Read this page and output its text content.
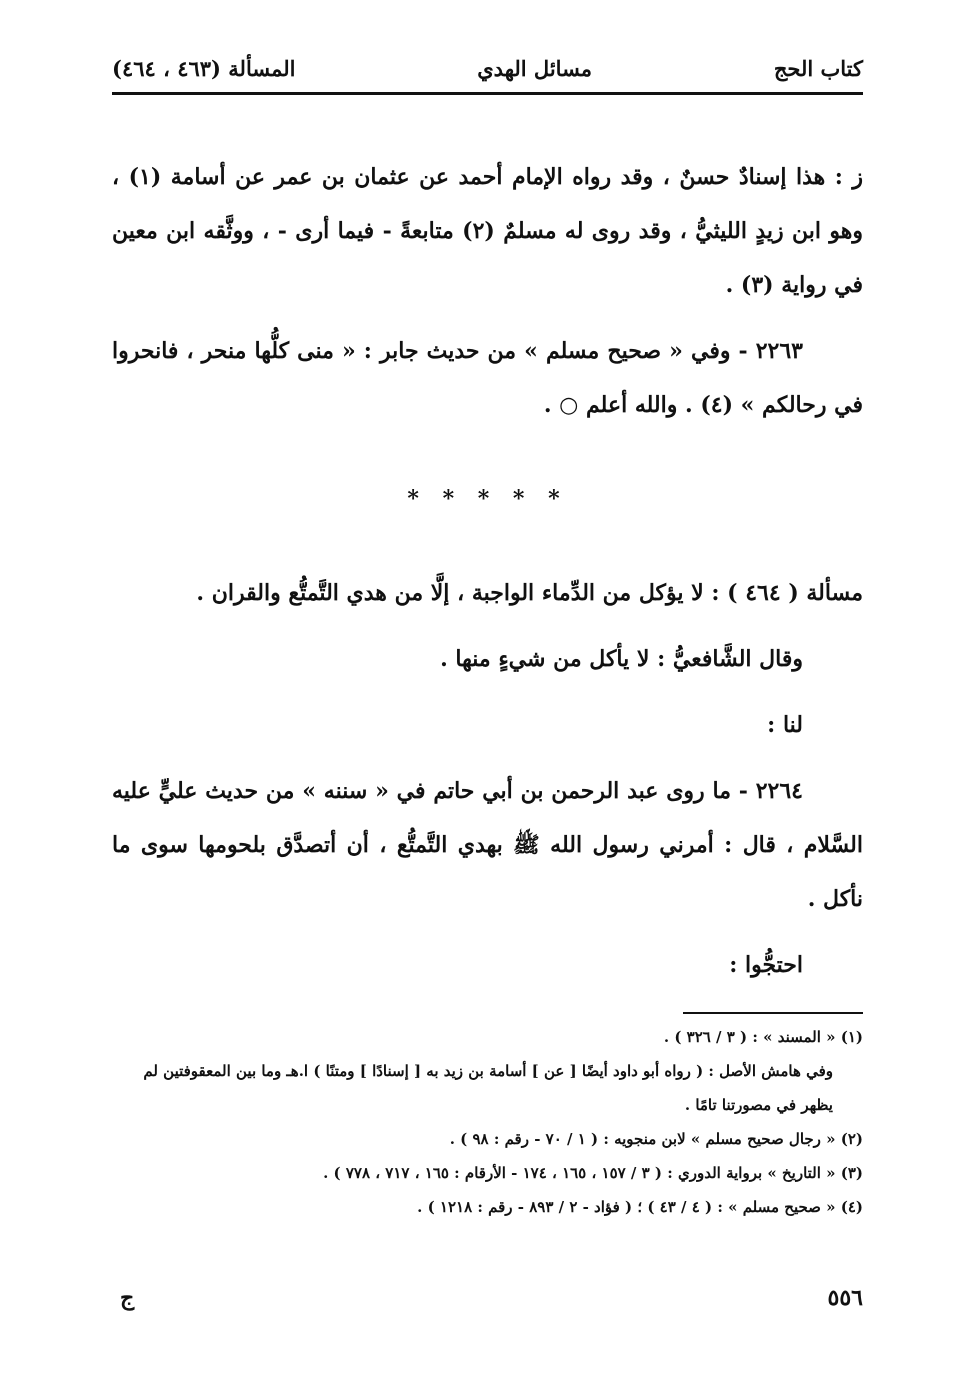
كتاب الحج
مسائل الهدي
المسألة (٤٦٣ ، ٤٦٤)

ز : هذا إسنادٌ حسنٌ ، وقد رواه الإمام أحمد عن عثمان بن عمر عن أسامة (١) ، وهو ابن زيدٍ الليثيُّ ، وقد روى له مسلمٌ (٢) متابعةً - فيما أرى - ، ووثَّقه ابن معين في رواية (٣) .

٢٢٦٣ - وفي « صحيح مسلم » من حديث جابر : « منى كلُّها منحر ، فانحروا في رحالكم » (٤) . والله أعلم ○ .

* * * * *

مسألة ( ٤٦٤ ) : لا يؤكل من الدِّماء الواجبة ، إلَّا من هدي التَّمتُّع والقران .

وقال الشَّافعيُّ : لا يأكل من شيءٍ منها .

لنا :

٢٢٦٤ - ما روى عبد الرحمن بن أبي حاتم في « سننه » من حديث عليٍّ عليه السَّلام ، قال : أمرني رسول الله ﷺ بهدي التَّمتُّع ، أن أتصدَّق بلحومها سوى ما نأكل .

احتجُّوا :

(١) « المسند » : ( ٣ / ٣٢٦ ) .

وفي هامش الأصل : ( رواه أبو داود أيضًا [ عن ] أسامة بن زيد به [ إسنادًا ] ومتنًا ) ا.هـ وما بين المعقوفتين لم يظهر في مصورتنا تامًا .

(٢) « رجال صحيح مسلم » لابن منجويه : ( ١ / ٧٠ - رقم : ٩٨ ) .

(٣) « التاريخ » برواية الدوري : ( ٣ / ١٥٧ ، ١٦٥ ، ١٧٤ - الأرقام : ١٦٥ ، ٧١٧ ، ٧٧٨ ) .

(٤) « صحيح مسلم » : ( ٤ / ٤٣ ) ؛ ( فؤاد - ٢ / ٨٩٣ - رقم : ١٢١٨ ) .

٥٥٦
ج
